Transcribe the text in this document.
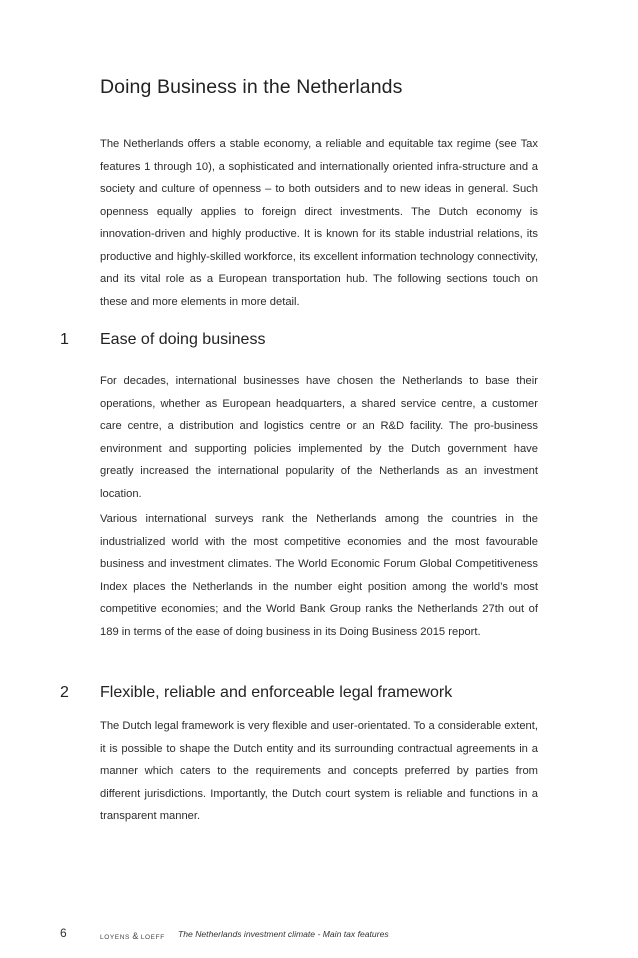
Doing Business in the Netherlands

The Netherlands offers a stable economy, a reliable and equitable tax regime (see Tax features 1 through 10), a sophisticated and internationally oriented infra-structure and a society and culture of openness – to both outsiders and to new ideas in general. Such openness equally applies to foreign direct investments. The Dutch economy is innovation-driven and highly productive. It is known for its stable industrial relations, its productive and highly-skilled workforce, its excellent information technology connectivity, and its vital role as a European transportation hub. The following sections touch on these and more elements in more detail.

1 Ease of doing business

For decades, international businesses have chosen the Netherlands to base their operations, whether as European headquarters, a shared service centre, a customer care centre, a distribution and logistics centre or an R&D facility. The pro-business environment and supporting policies implemented by the Dutch government have greatly increased the international popularity of the Netherlands as an investment location.

Various international surveys rank the Netherlands among the countries in the industrialized world with the most competitive economies and the most favourable business and investment climates. The World Economic Forum Global Competitiveness Index places the Netherlands in the number eight position among the world’s most competitive economies; and the World Bank Group ranks the Netherlands 27th out of 189 in terms of the ease of doing business in its Doing Business 2015 report.

2 Flexible, reliable and enforceable legal framework

The Dutch legal framework is very flexible and user-orientated. To a considerable extent, it is possible to shape the Dutch entity and its surrounding contractual agreements in a manner which caters to the requirements and concepts preferred by parties from different jurisdictions. Importantly, the Dutch court system is reliable and functions in a transparent manner.

6	LOYENS & LOEFF The Netherlands investment climate - Main tax features
